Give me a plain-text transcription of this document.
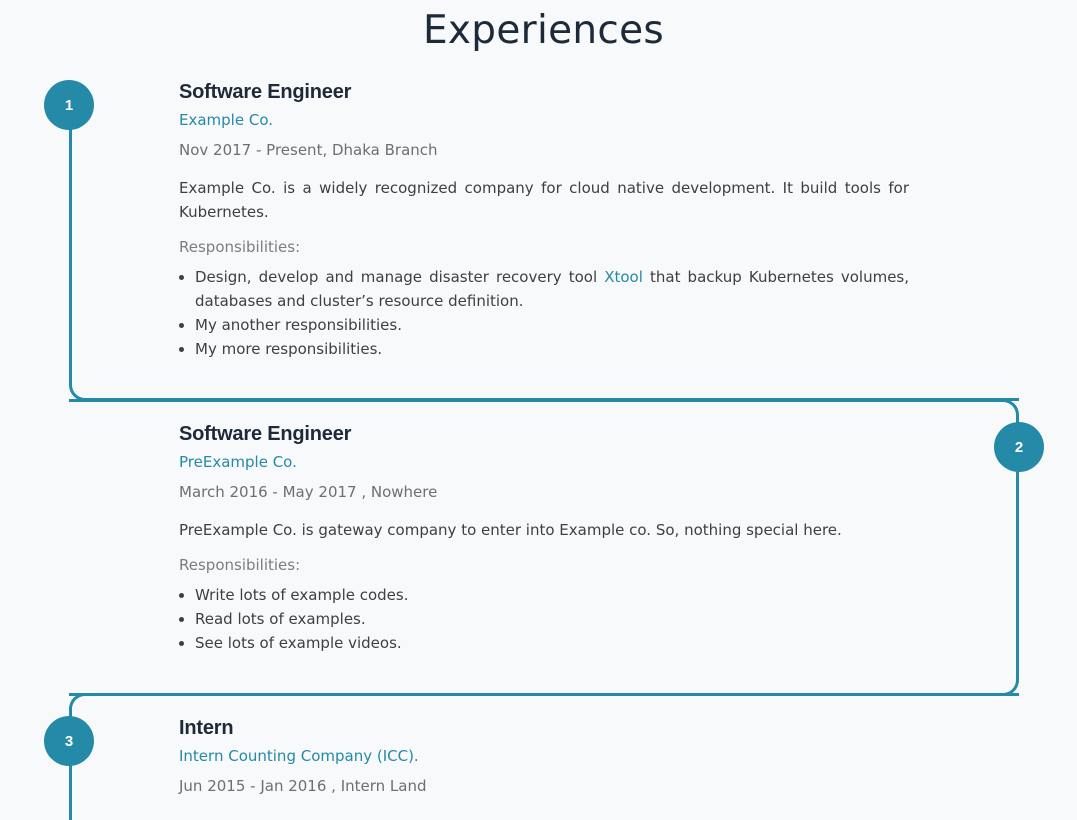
Experiences
1
2
3
Software Engineer
Example Co.
Nov 2017 - Present, Dhaka Branch

Example Co. is a widely recognized company for cloud native development. It build tools for Kubernetes.

Responsibilities:
• Design, develop and manage disaster recovery tool Xtool that backup Kubernetes volumes, databases and cluster’s resource definition.
• My another responsibilities.
• My more responsibilities.
Software Engineer
PreExample Co.
March 2016 - May 2017 , Nowhere

PreExample Co. is gateway company to enter into Example co. So, nothing special here.

Responsibilities:
• Write lots of example codes.
• Read lots of examples.
• See lots of example videos.
Intern
Intern Counting Company (ICC).
Jun 2015 - Jan 2016 , Intern Land
